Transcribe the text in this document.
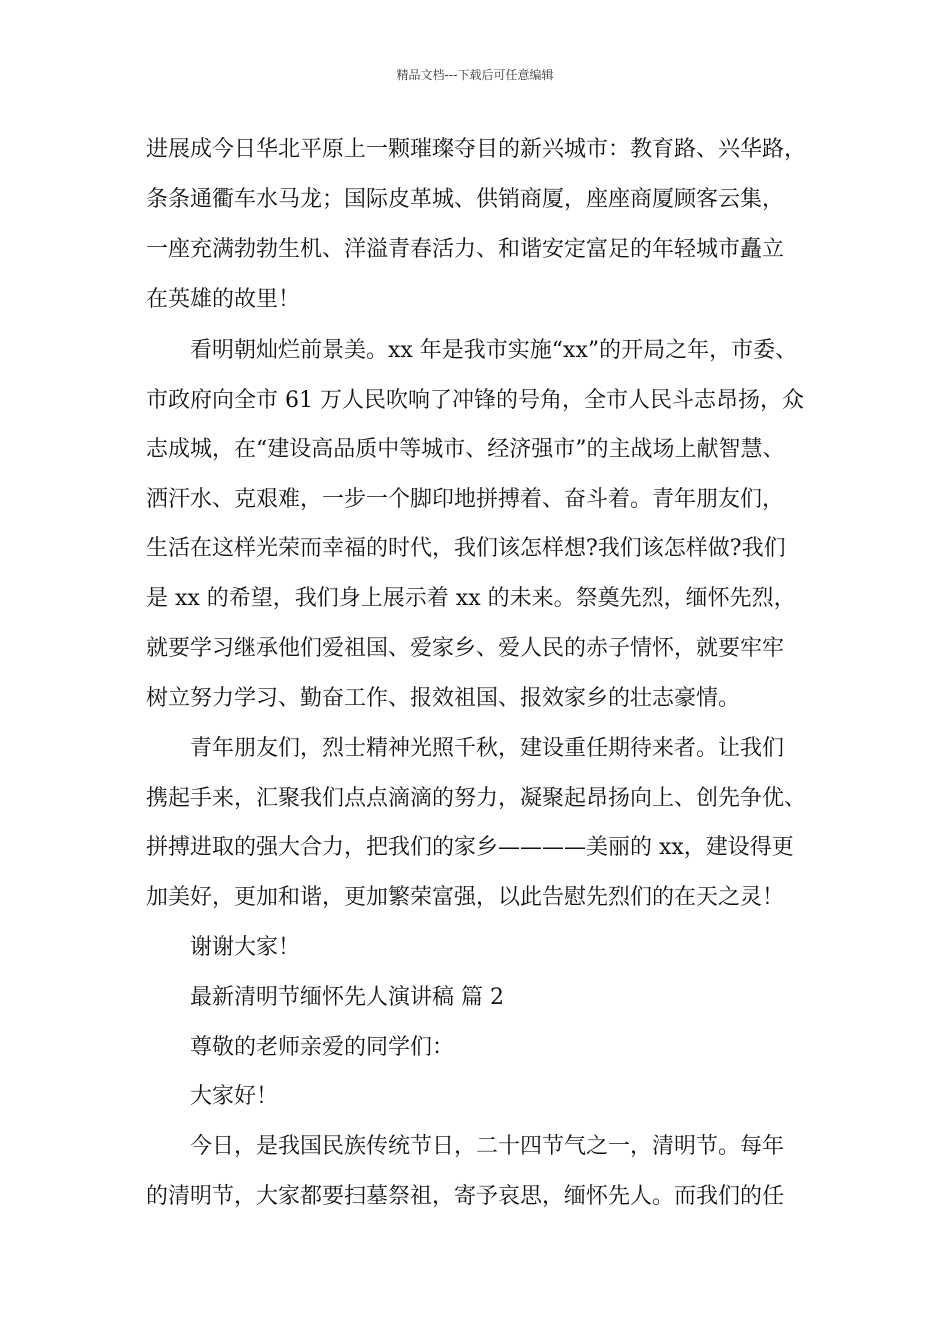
精品文档---下载后可任意编辑
进展成今日华北平原上一颗璀璨夺目的新兴城市：教育路、兴华路，
条条通衢车水马龙；国际皮革城、供销商厦，座座商厦顾客云集，
一座充满勃勃生机、洋溢青春活力、和谐安定富足的年轻城市矗立
在英雄的故里！
看明朝灿烂前景美。xx 年是我市实施“xx”的开局之年，市委、
市政府向全市 61 万人民吹响了冲锋的号角，全市人民斗志昂扬，众
志成城，在“建设高品质中等城市、经济强市”的主战场上献智慧、
洒汗水、克艰难，一步一个脚印地拼搏着、奋斗着。青年朋友们，
生活在这样光荣而幸福的时代，我们该怎样想?我们该怎样做?我们
是 xx 的希望，我们身上展示着 xx 的未来。祭奠先烈，缅怀先烈，
就要学习继承他们爱祖国、爱家乡、爱人民的赤子情怀，就要牢牢
树立努力学习、勤奋工作、报效祖国、报效家乡的壮志豪情。
青年朋友们，烈士精神光照千秋，建设重任期待来者。让我们
携起手来，汇聚我们点点滴滴的努力，凝聚起昂扬向上、创先争优、
拼搏进取的强大合力，把我们的家乡————美丽的 xx，建设得更
加美好，更加和谐，更加繁荣富强，以此告慰先烈们的在天之灵！
谢谢大家！
最新清明节缅怀先人演讲稿 篇 2
尊敬的老师亲爱的同学们：
大家好！
今日，是我国民族传统节日，二十四节气之一，清明节。每年
的清明节，大家都要扫墓祭祖，寄予哀思，缅怀先人。而我们的任
